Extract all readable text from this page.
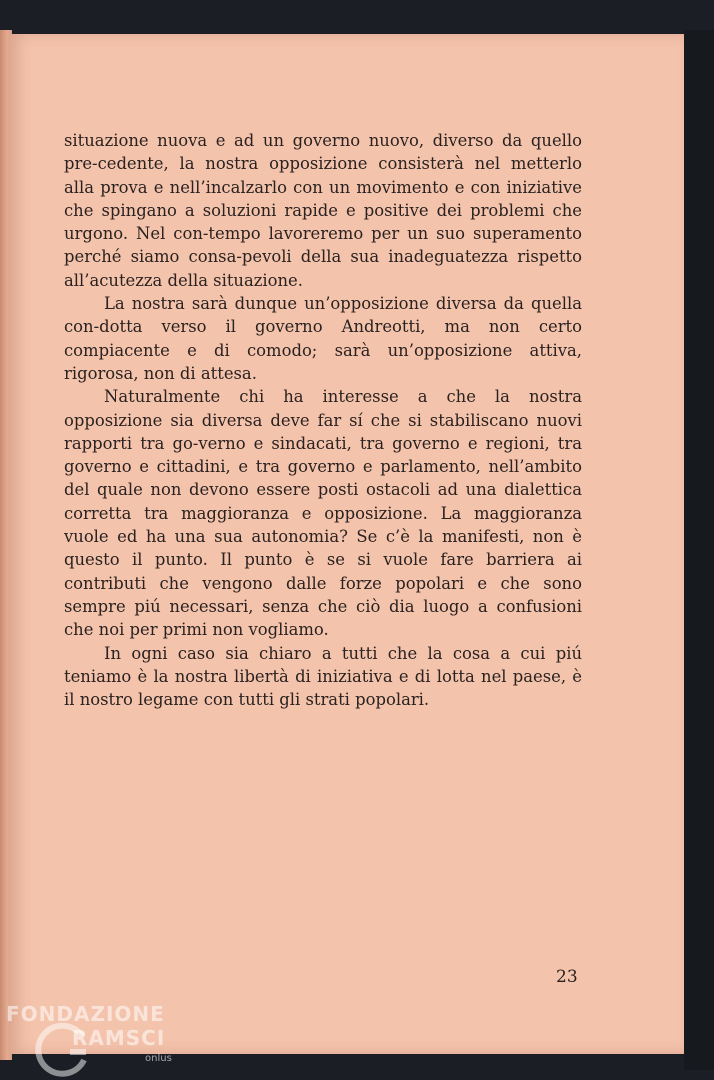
situazione nuova e ad un governo nuovo, diverso da quello pre-cedente, la nostra opposizione consisterà nel metterlo alla prova e nell’incalzarlo con un movimento e con iniziative che spingano a soluzioni rapide e positive dei problemi che urgono. Nel con-tempo lavoreremo per un suo superamento perché siamo consa-pevoli della sua inadeguatezza rispetto all’acutezza della situazione.

La nostra sarà dunque un’opposizione diversa da quella con-dotta verso il governo Andreotti, ma non certo compiacente e di comodo; sarà un’opposizione attiva, rigorosa, non di attesa.

Naturalmente chi ha interesse a che la nostra opposizione sia diversa deve far sí che si stabiliscano nuovi rapporti tra go-verno e sindacati, tra governo e regioni, tra governo e cittadini, e tra governo e parlamento, nell’ambito del quale non devono essere posti ostacoli ad una dialettica corretta tra maggioranza e opposizione. La maggioranza vuole ed ha una sua autonomia? Se c’è la manifesti, non è questo il punto. Il punto è se si vuole fare barriera ai contributi che vengono dalle forze popolari e che sono sempre piú necessari, senza che ciò dia luogo a confusioni che noi per primi non vogliamo.

In ogni caso sia chiaro a tutti che la cosa a cui piú teniamo è la nostra libertà di iniziativa e di lotta nel paese, è il nostro legame con tutti gli strati popolari.

23
FONDAZIONE
RAMSCI
onlus
